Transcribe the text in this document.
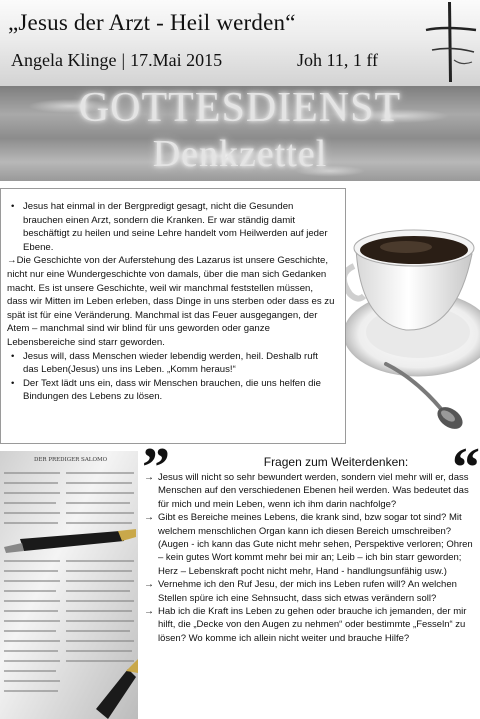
„Jesus der Arzt - Heil werden“
Angela Klinge | 17.Mai 2015	Joh 11, 1 ff
GOTTESDIENST
Denkzettel

• Jesus hat einmal in der Bergpredigt gesagt, nicht die Gesunden brauchen einen Arzt, sondern die Kranken. Er war ständig damit beschäftigt zu heilen und seine Lehre handelt vom Heilwerden auf jeder Ebene.

→Die Geschichte von der Auferstehung des Lazarus ist unsere Geschichte, nicht nur eine Wundergeschichte von damals, über die man sich Gedanken macht. Es ist unsere Geschichte, weil wir manchmal feststellen müssen, dass wir Mitten im Leben erleben, dass Dinge in uns sterben oder dass es zu spät ist für eine Veränderung. Manchmal ist das Feuer ausgegangen, der Atem – manchmal sind wir blind für uns geworden oder ganze Lebensbereiche sind starr geworden.

• Jesus will, dass Menschen wieder lebendig werden, heil. Deshalb ruft das Leben(Jesus) uns ins Leben. „Komm heraus!“

• Der Text lädt uns ein, dass wir Menschen brauchen, die uns helfen die Bindungen des Lebens zu lösen.

DER PREDIGER SALOMO ”	“
Fragen zum Weiterdenken:

→ Jesus will nicht so sehr bewundert werden, sondern viel mehr will er, dass Menschen auf den verschiedenen Ebenen heil werden. Was bedeutet das für mich und mein Leben, wenn ich ihm darin nachfolge?

→ Gibt es Bereiche meines Lebens, die krank sind, bzw sogar tot sind? Mit welchem menschlichen Organ kann ich diesen Bereich umschreiben? (Augen - ich kann das Gute nicht mehr sehen, Perspektive verloren; Ohren – kein gutes Wort kommt mehr bei mir an; Leib – ich bin starr geworden; Herz – Lebenskraft pocht nicht mehr, Hand - handlungsunfähig usw.)

→ Vernehme ich den Ruf Jesu, der mich ins Leben rufen will? An welchen Stellen spüre ich eine Sehnsucht, dass sich etwas verändern soll?

→ Hab ich die Kraft ins Leben zu gehen oder brauche ich jemanden, der mir hilft, die „Decke von den Augen zu nehmen“ oder bestimmte „Fesseln“ zu lösen? Wo komme ich allein nicht weiter und brauche Hilfe?
